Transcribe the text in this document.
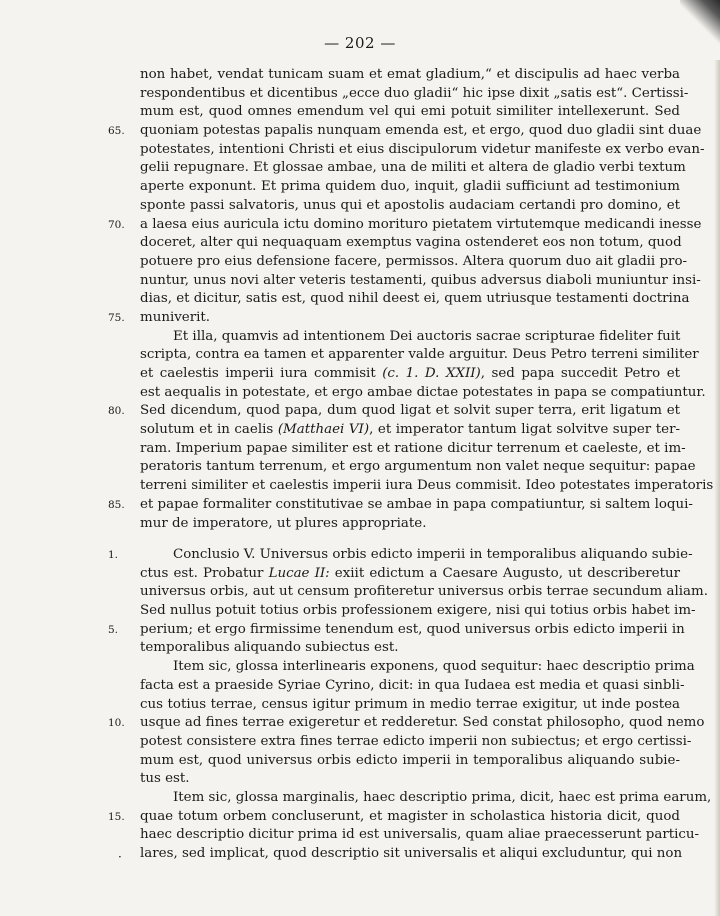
— 202 —
non habet, vendat tunicam suam et emat gladium,“ et discipulis ad haec verba
respondentibus et dicentibus „ecce duo gladii“ hic ipse dixit „satis est“. Certissi-
mum est, quod omnes emendum vel qui emi potuit similiter intellexerunt. Sed
65.	quoniam potestas papalis nunquam emenda est, et ergo, quod duo gladii sint duae
potestates, intentioni Christi et eius discipulorum videtur manifeste ex verbo evan-
gelii repugnare. Et glossae ambae, una de militi et altera de gladio verbi textum
aperte exponunt. Et prima quidem duo, inquit, gladii sufficiunt ad testimonium
sponte passi salvatoris, unus qui et apostolis audaciam certandi pro domino, et
70.	a laesa eius auricula ictu domino morituro pietatem virtutemque medicandi inesse
doceret, alter qui nequaquam exemptus vagina ostenderet eos non totum, quod
potuere pro eius defensione facere, permissos. Altera quorum duo ait gladii pro-
nuntur, unus novi alter veteris testamenti, quibus adversus diaboli muniuntur insi-
dias, et dicitur, satis est, quod nihil deest ei, quem utriusque testamenti doctrina
75.	muniverit.
Et illa, quamvis ad intentionem Dei auctoris sacrae scripturae fideliter fuit
scripta, contra ea tamen et apparenter valde arguitur. Deus Petro terreni similiter
et caelestis imperii iura commisit (c. 1. D. XXII), sed papa succedit Petro et
est aequalis in potestate, et ergo ambae dictae potestates in papa se compatiuntur.
80.	Sed dicendum, quod papa, dum quod ligat et solvit super terra, erit ligatum et
solutum et in caelis (Matthaei VI), et imperator tantum ligat solvitve super ter-
ram. Imperium papae similiter est et ratione dicitur terrenum et caeleste, et im-
peratoris tantum terrenum, et ergo argumentum non valet neque sequitur: papae
terreni similiter et caelestis imperii iura Deus commisit. Ideo potestates imperatoris
85.	et papae formaliter constitutivae se ambae in papa compatiuntur, si saltem loqui-
mur de imperatore, ut plures appropriate.
1.	Conclusio V. Universus orbis edicto imperii in temporalibus aliquando subie-
ctus est. Probatur Lucae II: exiit edictum a Caesare Augusto, ut describeretur
universus orbis, aut ut censum profiteretur universus orbis terrae secundum aliam.
Sed nullus potuit totius orbis professionem exigere, nisi qui totius orbis habet im-
5.	perium; et ergo firmissime tenendum est, quod universus orbis edicto imperii in
temporalibus aliquando subiectus est.
Item sic, glossa interlinearis exponens, quod sequitur: haec descriptio prima
facta est a praeside Syriae Cyrino, dicit: in qua Iudaea est media et quasi sinbli-
cus totius terrae, census igitur primum in medio terrae exigitur, ut inde postea
10.	usque ad fines terrae exigeretur et redderetur. Sed constat philosopho, quod nemo
potest consistere extra fines terrae edicto imperii non subiectus; et ergo certissi-
mum est, quod universus orbis edicto imperii in temporalibus aliquando subie-
tus est.
Item sic, glossa marginalis, haec descriptio prima, dicit, haec est prima earum,
15.	quae totum orbem concluserunt, et magister in scholastica historia dicit, quod
haec descriptio dicitur prima id est universalis, quam aliae praecesserunt particu-
lares, sed implicat, quod descriptio sit universalis et aliqui excluduntur, qui non
·
